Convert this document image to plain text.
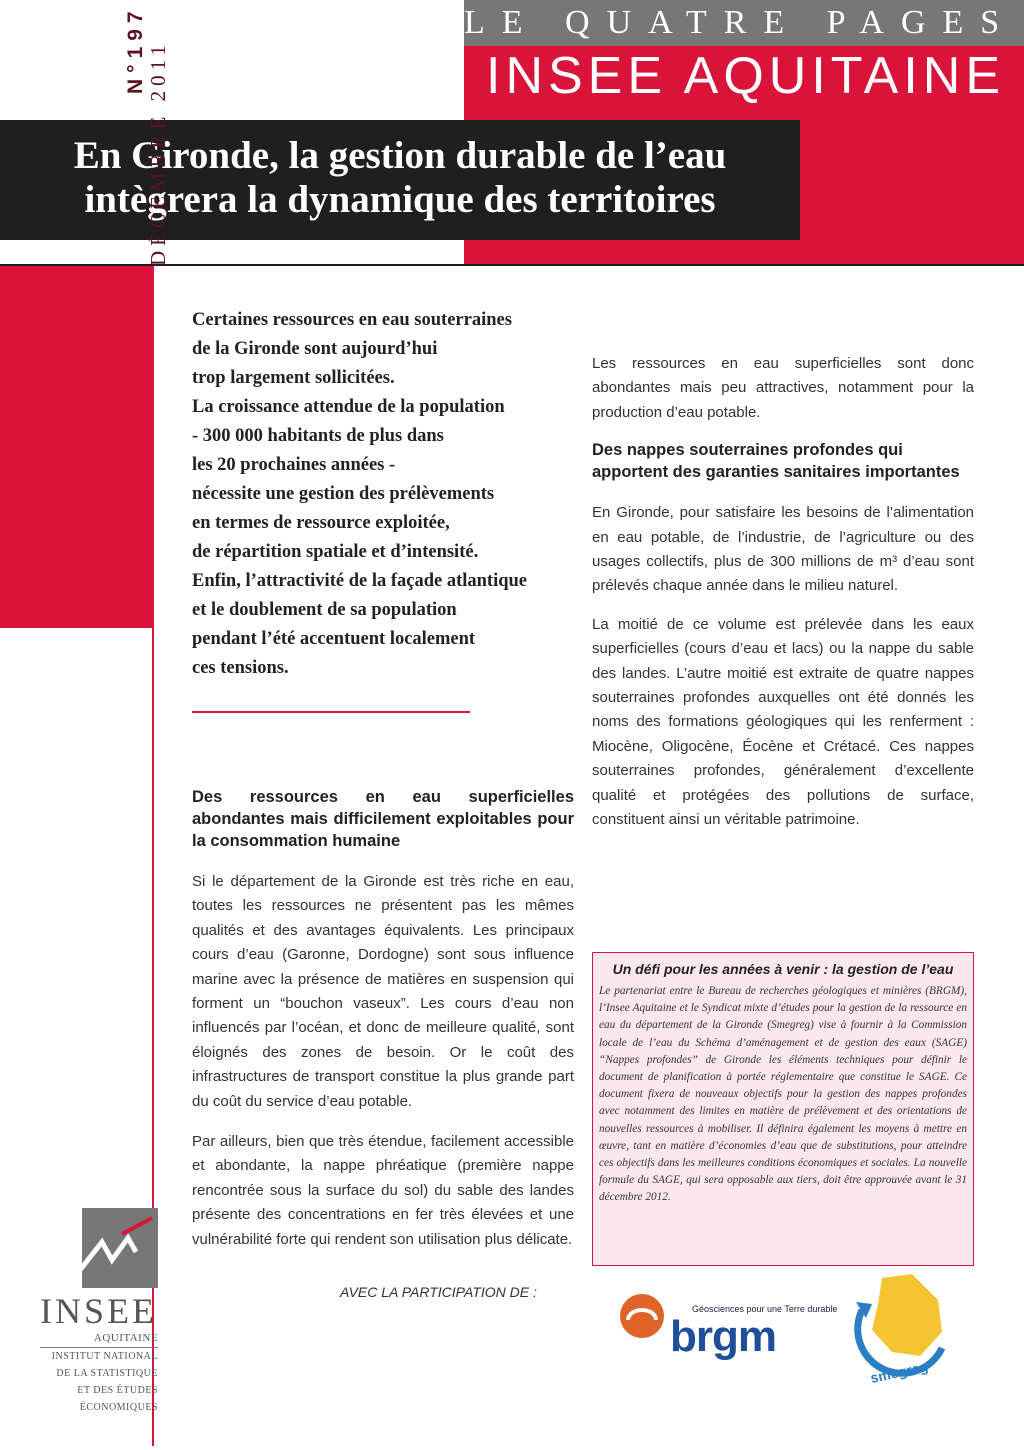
LE QUATRE PAGES
INSEE AQUITAINE
En Gironde, la gestion durable de l’eau
intègrera la dynamique des territoires
N°197 DÉCEMBRE 2011

Certaines ressources en eau souterraines

de la Gironde sont aujourd’hui

trop largement sollicitées.

La croissance attendue de la population

- 300 000 habitants de plus dans

les 20 prochaines années -

nécessite une gestion des prélèvements

en termes de ressource exploitée,

de répartition spatiale et d’intensité.

Enfin, l’attractivité de la façade atlantique

et le doublement de sa population

pendant l’été accentuent localement

ces tensions.

Des ressources en eau superficielles abondantes mais difficilement exploitables pour la consommation humaine
Si le département de la Gironde est très riche en eau, toutes les ressources ne présentent pas les mêmes qualités et des avantages équivalents. Les principaux cours d’eau (Garonne, Dordogne) sont sous influence marine avec la présence de matières en suspension qui forment un “bouchon vaseux”. Les cours d’eau non influencés par l’océan, et donc de meilleure qualité, sont éloignés des zones de besoin. Or le coût des infrastructures de transport constitue la plus grande part du coût du service d’eau potable.
Par ailleurs, bien que très étendue, facilement accessible et abondante, la nappe phréatique (première nappe rencontrée sous la surface du sol) du sable des landes présente des concentrations en fer très élevées et une vulnérabilité forte qui rendent son utilisation plus délicate.
Les ressources en eau superficielles sont donc abondantes mais peu attractives, notamment pour la production d’eau potable.
Des nappes souterraines profondes qui apportent des garanties sanitaires importantes
En Gironde, pour satisfaire les besoins de l’alimentation en eau potable, de l’industrie, de l’agriculture ou des usages collectifs, plus de 300 millions de m³ d’eau sont prélevés chaque année dans le milieu naturel.
La moitié de ce volume est prélevée dans les eaux superficielles (cours d’eau et lacs) ou la nappe du sable des landes. L’autre moitié est extraite de quatre nappes souterraines profondes auxquelles ont été donnés les noms des formations géologiques qui les renferment : Miocène, Oligocène, Éocène et Crétacé. Ces nappes souterraines profondes, généralement d’excellente qualité et protégées des pollutions de surface, constituent ainsi un véritable patrimoine.
Un défi pour les années à venir : la gestion de l’eau
Le partenariat entre le Bureau de recherches géologiques et minières (BRGM), l’Insee Aquitaine et le Syndicat mixte d’études pour la gestion de la ressource en eau du département de la Gironde (Smegreg) vise à fournir à la Commission locale de l’eau du Schéma d’aménagement et de gestion des eaux (SAGE) “Nappes profondes” de Gironde les éléments techniques pour définir le document de planification à portée réglementaire que constitue le SAGE. Ce document fixera de nouveaux objectifs pour la gestion des nappes profondes avec notamment des limites en matière de prélèvement et des orientations de nouvelles ressources à mobiliser. Il définira également les moyens à mettre en œuvre, tant en matière d’économies d’eau que de substitutions, pour atteindre ces objectifs dans les meilleures conditions économiques et sociales. La nouvelle formule du SAGE, qui sera opposable aux tiers, doit être approuvée avant le 31 décembre 2012.
AVEC LA PARTICIPATION DE :
INSEE
AQUITAINE
INSTITUT NATIONAL
DE LA STATISTIQUE
ET DES ÉTUDES
ÉCONOMIQUES
Géosciences pour une Terre durable
brgm
smegreg
